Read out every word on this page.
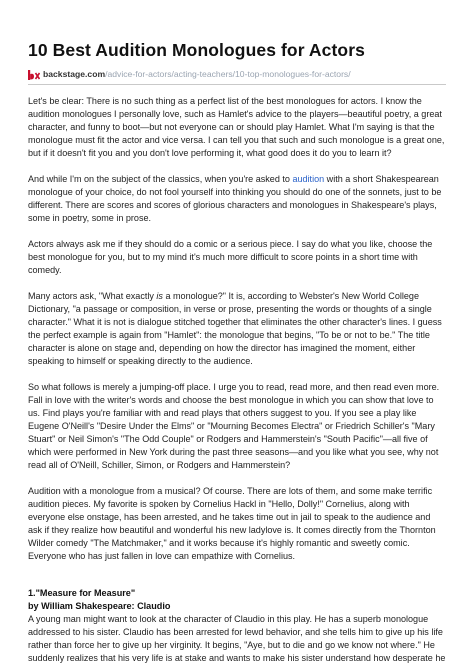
10 Best Audition Monologues for Actors
backstage.com /advice-for-actors/acting-teachers/10-top-monologues-for-actors/

Let's be clear: There is no such thing as a perfect list of the best monologues for actors. I know the audition monologues I personally love, such as Hamlet's advice to the players—beautiful poetry, a great character, and funny to boot—but not everyone can or should play Hamlet. What I'm saying is that the monologue must fit the actor and vice versa. I can tell you that such and such monologue is a great one, but if it doesn't fit you and you don't love performing it, what good does it do you to learn it?

And while I'm on the subject of the classics, when you're asked to audition with a short Shakespearean monologue of your choice, do not fool yourself into thinking you should do one of the sonnets, just to be different. There are scores and scores of glorious characters and monologues in Shakespeare's plays, some in poetry, some in prose.

Actors always ask me if they should do a comic or a serious piece. I say do what you like, choose the best monologue for you, but to my mind it's much more difficult to score points in a short time with comedy.

Many actors ask, "What exactly is a monologue?" It is, according to Webster's New World College Dictionary, "a passage or composition, in verse or prose, presenting the words or thoughts of a single character." What it is not is dialogue stitched together that eliminates the other character's lines. I guess the perfect example is again from "Hamlet": the monologue that begins, "To be or not to be." The title character is alone on stage and, depending on how the director has imagined the moment, either speaking to himself or speaking directly to the audience.

So what follows is merely a jumping-off place. I urge you to read, read more, and then read even more. Fall in love with the writer's words and choose the best monologue in which you can show that love to us. Find plays you're familiar with and read plays that others suggest to you. If you see a play like Eugene O'Neill's "Desire Under the Elms" or "Mourning Becomes Electra" or Friedrich Schiller's "Mary Stuart" or Neil Simon's "The Odd Couple" or Rodgers and Hammerstein's "South Pacific"—all five of which were performed in New York during the past three seasons—and you like what you see, why not read all of O'Neill, Schiller, Simon, or Rodgers and Hammerstein?

Audition with a monologue from a musical? Of course. There are lots of them, and some make terrific audition pieces. My favorite is spoken by Cornelius Hackl in "Hello, Dolly!" Cornelius, along with everyone else onstage, has been arrested, and he takes time out in jail to speak to the audience and ask if they realize how beautiful and wonderful his new ladylove is. It comes directly from the Thornton Wilder comedy "The Matchmaker," and it works because it's highly romantic and sweetly comic. Everyone who has just fallen in love can empathize with Cornelius.

1."Measure for Measure"
by William Shakespeare: Claudio

A young man might want to look at the character of Claudio in this play. He has a superb monologue addressed to his sister. Claudio has been arrested for lewd behavior, and she tells him to give up his life rather than force her to give up her virginity. It begins, "Aye, but to die and go we know not where." He suddenly realizes that his very life is at stake and wants to make his sister understand how desperate he
